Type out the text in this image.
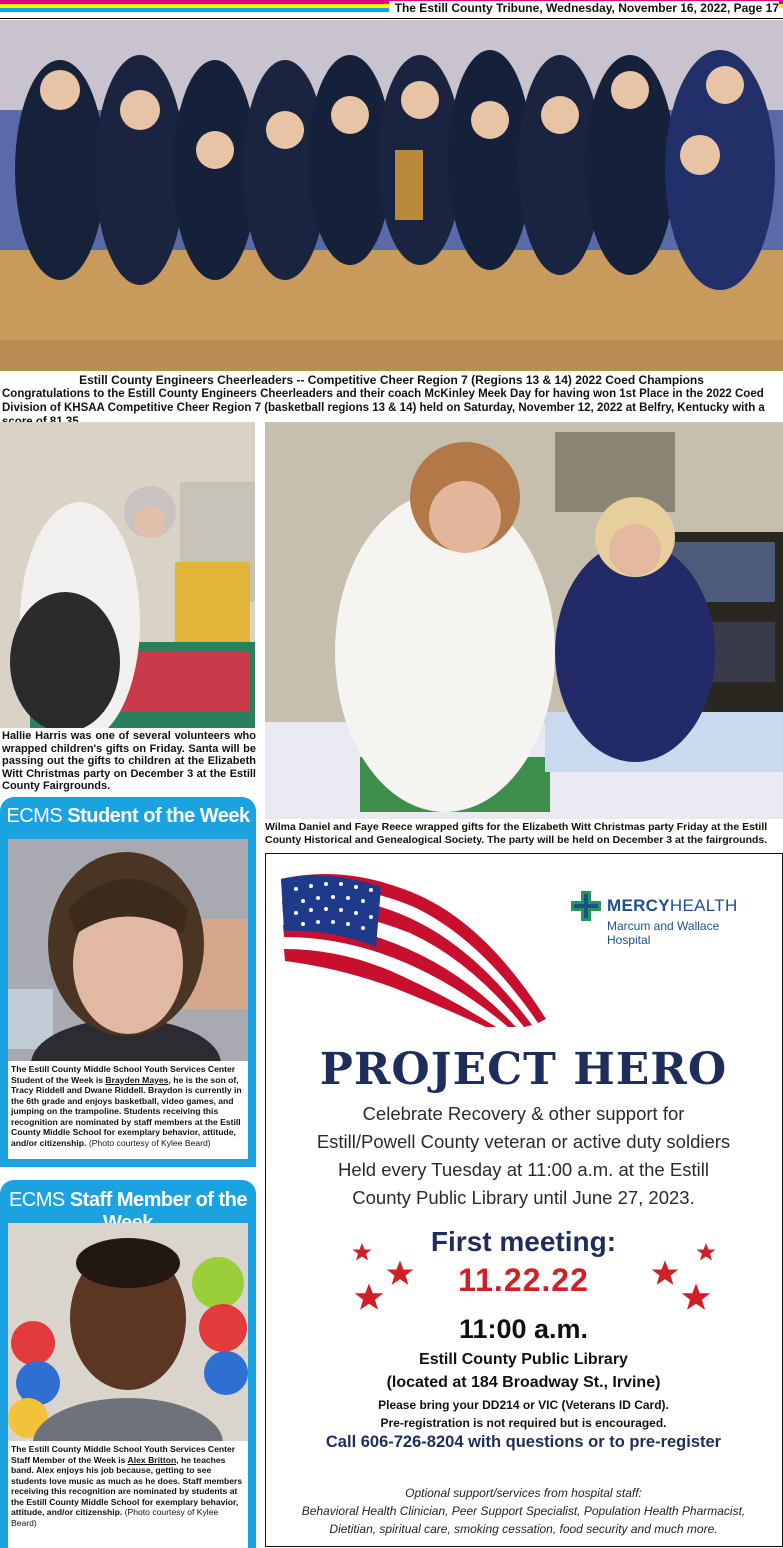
The Estill County Tribune, Wednesday, November 16, 2022, Page 17
Estill County Engineers Cheerleaders -- Competitive Cheer Region 7 (Regions 13 & 14) 2022 Coed Champions
Congratulations to the Estill County Engineers Cheerleaders and their coach McKinley Meek Day for having won 1st Place in the 2022 Coed Division of KHSAA Competitive Cheer Region 7 (basketball regions 13 & 14) held on Saturday, November 12, 2022 at Belfry, Kentucky with a
Hallie Harris was one of several volunteers who wrapped children's gifts on Friday. Santa will be passing out the gifts to children at the Elizabeth Witt Christmas party on December 3 at the Estill County Fairgrounds.
Wilma Daniel and Faye Reece wrapped gifts for the Elizabeth Witt Christmas party Friday at the Estill County Historical and Genealogical Society. The party will be held on December 3 at the fairgrounds.
ECMS Student of the Week
The Estill County Middle School Youth Services Center Student of the Week is Brayden Mayes, he is the son of, Tracy Riddell and Dwane Riddell. Braydon is currently in the 6th grade and enjoys basketball, video games, and jumping on the trampoline. Students receiving this recognition are nominated by staff members at the Estill County Middle School for exemplary behavior, attitude, and/or citizenship. (Photo courtesy of Kylee Beard)
ECMS Staff Member of the
The Estill County Middle School Youth Services Center Staff Member of the Week is Alex Britton, he teaches band. Alex enjoys his job because, getting to see students love music as much as he does. Staff members receiving this recognition are nominated by students at the Estill County Middle School for exemplary behavior, attitude, and/or citizenship. (Photo courtesy of Kylee Beard)
MERCYHEALTH
Marcum and Wallace
Hospital
PROJECT HERO
Celebrate Recovery & other support for
Estill/Powell County veteran or active duty soldiers
Held every Tuesday at 11:00 a.m. at the Estill
County Public Library until June 27, 2023.
First meeting:
11.22.22
11:00 a.m.
Estill County Public Library
(located at 184 Broadway St., Irvine)
Please bring your DD214 or VIC (Veterans ID Card).
Pre-registration is not required but is encouraged.
Call 606-726-8204 with questions or to pre-register
Optional support/services from hospital staff:
Behavioral Health Clinician, Peer Support Specialist, Population Health Pharmacist,
Dietitian, spiritual care, smoking cessation, food security and much more.
